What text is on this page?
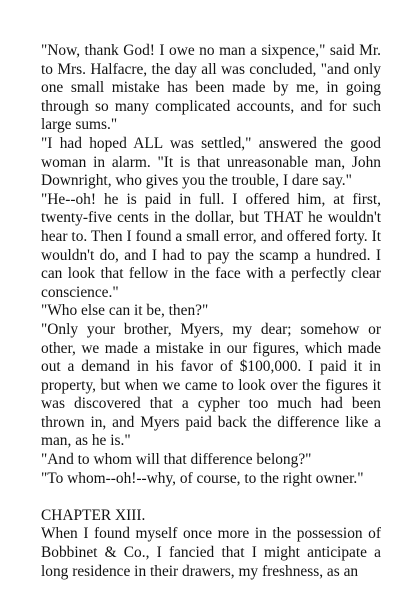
"Now, thank God! I owe no man a sixpence," said Mr. to Mrs. Halfacre, the day all was concluded, "and only one small mistake has been made by me, in going through so many complicated accounts, and for such large sums."

"I had hoped ALL was settled," answered the good woman in alarm. "It is that unreasonable man, John Downright, who gives you the trouble, I dare say."

"He--oh! he is paid in full. I offered him, at first, twenty-five cents in the dollar, but THAT he wouldn't hear to. Then I found a small error, and offered forty. It wouldn't do, and I had to pay the scamp a hundred. I can look that fellow in the face with a perfectly clear conscience."

"Who else can it be, then?"

"Only your brother, Myers, my dear; somehow or other, we made a mistake in our figures, which made out a demand in his favor of $100,000. I paid it in property, but when we came to look over the figures it was discovered that a cypher too much had been thrown in, and Myers paid back the difference like a man, as he is."

"And to whom will that difference belong?"

"To whom--oh!--why, of course, to the right owner."

CHAPTER XIII.

When I found myself once more in the possession of Bobbinet & Co., I fancied that I might anticipate a long residence in their drawers, my freshness, as an
